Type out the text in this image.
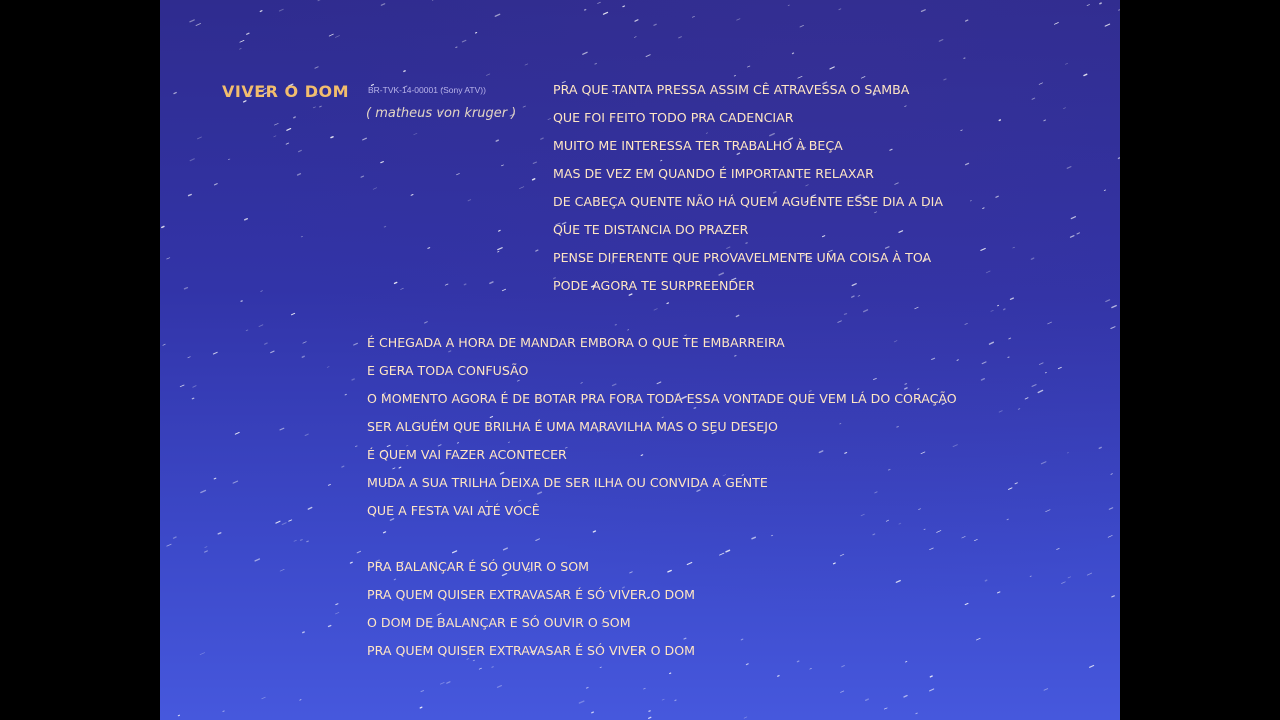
VIVER O DOM BR-TVK-14-00001 (Sony ATV))
( matheus von kruger )
PRA QUE TANTA PRESSA ASSIM CÊ ATRAVESSA O SAMBA
QUE FOI FEITO TODO PRA CADENCIAR
MUITO ME INTERESSA TER TRABALHO À BEÇA
MAS DE VEZ EM QUANDO É IMPORTANTE RELAXAR
DE CABEÇA QUENTE NÃO HÁ QUEM AGUENTE ESSE DIA A DIA
QUE TE DISTANCIA DO PRAZER
PENSE DIFERENTE QUE PROVAVELMENTE UMA COISA À TOA
PODE AGORA TE SURPREENDER
É CHEGADA A HORA DE MANDAR EMBORA O QUE TE EMBARREIRA
E GERA TODA CONFUSÃO
O MOMENTO AGORA É DE BOTAR PRA FORA TODA ESSA VONTADE QUE VEM LÁ DO CORAÇÃO
SER ALGUÉM QUE BRILHA É UMA MARAVILHA MAS O SEU DESEJO
É QUEM VAI FAZER ACONTECER
MUDA A SUA TRILHA DEIXA DE SER ILHA OU CONVIDA A GENTE
QUE A FESTA VAI ATÉ VOCÊ
PRA BALANÇAR É SÓ OUVIR O SOM
PRA QUEM QUISER EXTRAVASAR É SÓ VIVER O DOM
O DOM DE BALANÇAR E SÓ OUVIR O SOM
PRA QUEM QUISER EXTRAVASAR É SÓ VIVER O DOM
